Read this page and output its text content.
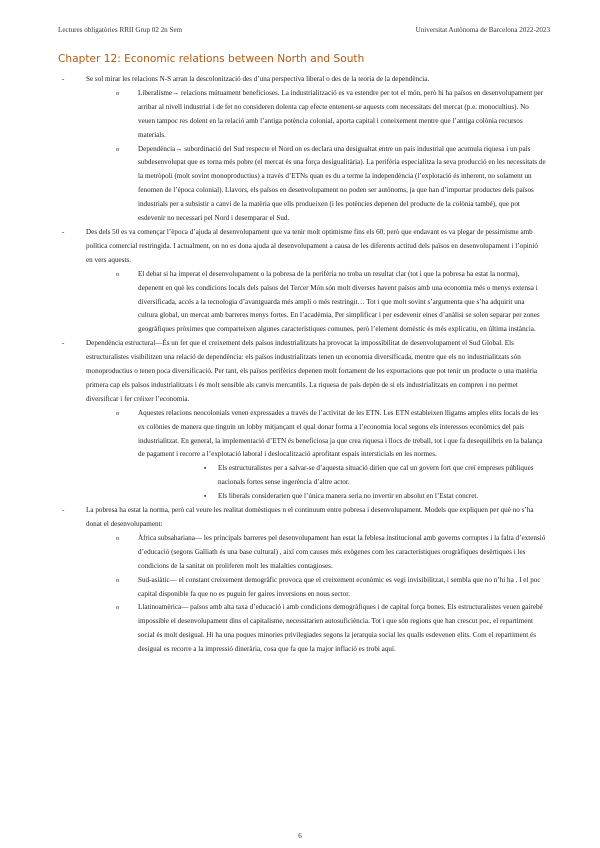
Lectures obligatòries RRII Grup 02 2n Sem	Universitat Autònoma de Barcelona 2022-2023
Chapter 12: Economic relations between North and South

- Se sol mirar les relacions N-S arran la descolonització des d’una perspectiva liberal o des de la teoria de la dependència.

o Liberalisme→ relacions mútuament beneficioses. La industrialització es va estendre per tot el món, però hi ha països en desenvolupament per arribar al nivell industrial i de fet no consideren dolenta cap efecte entenent-se aquests com necessitats del mercat (p.e. monocultius). No veuen tampoc res dolent en la relació amb l’antiga potència colonial, aporta capital i coneixement mentre que l’antiga colònia recursos materials.

o Dependència→ subordinació del Sud respecte el Nord on es declara una desigualtat entre un país industrial que acumula riquesa i un país subdesenvolupat que es torna més pobre (el mercat és una força desigualitària). La perifèria especialitza la seva producció en les necessitats de la metròpoli (molt sovint monoproductius) a través d’ETNs quan es du a terme la independència (l’explotació és inherent, no solament un fenomen de l’època colonial). Llavors, els països en desenvolupament no poden ser autònoms, ja que han d’importar productes dels països industrials per a subsistir a canvi de la matèria que ells produeixen (i les potències depenen del producte de la colònia també), que pot esdevenir no necessari pel Nord i desemparar el Sud.

- Des dels 50 es va començar l’època d’ajuda al desenvolupament que va tenir molt optimisme fins els 60, però que endavant es va plegar de pessimisme amb política comercial restringida. I actualment, on no es dona ajuda al desenvolupament a causa de les diferents actitud dels països en desenvolupament i l’opinió en vers aquests.

o El debat si ha imperat el desenvolupament o la pobresa de la perifèria no troba un resultat clar (tot i que la pobresa ha estat la norma), depenent en què les condicions locals dels països del Tercer Món són molt diverses havent països amb una economia més o menys extensa i diversificada, accés a la tecnologia d’avantguarda més ampli o més restringit… Tot i que molt sovint s’argumenta que s’ha adquirit una cultura global, un mercat amb barreres menys fortes. En l’acadèmia, Per simplificar i per esdevenir eines d’anàlisi se solen separar per zones geogràfiques pròximes que comparteixen algunes característiques comunes, però l’element domèstic és més explicatiu, en última instància.

- Dependència estructural—És un fet que el creixement dels països industrialitzats ha provocat la impossibilitat de desenvolupament el Sud Global. Els estructuralistes visibilitzen una relació de dependència: els països industrialitzats tenen un economia diversificada, mentre que els no industrialitzats són monoproductius o tenen poca diversificació. Per tant, els països perifèrics depenen molt fortament de les exportacions que pot tenir un producte o una matèria primera cap els països industrialitzats i és molt sensible als canvis mercantils. La riquesa de país depèn de si els industrialitzats en compren i no permet diversificar i fer créixer l’economia.

o Aquestes relacions neocolonials venen expressades a través de l’activitat de les ETN. Les ETN estableixen lligams amples elits locals de les ex colònies de manera que tinguin un lobby mitjançant el qual donar forma a l’economia local segons els interessos econòmics del país industrialitzat. En general, la implementació d’ETN és beneficiosa ja que crea riquesa i llocs de treball, tot i que fa desequilibris en la balança de pagament i recorre a l’explotació laboral i deslocalització aprofitant espais intersticials en les normes.

▪ Els estructuralistes per a salvar-se d’aquesta situació dirien que cal un govern fort que creï empreses públiques nacionals fortes sense ingerència d’altre actor.

▪ Els liberals considerarien que l’única manera seria no invertir en absolut en l’Estat concret.

- La pobresa ha estat la norma, però cal veure les realitat domèstiques n el continuum entre pobresa i desenvolupament. Models que expliquen per què no s’ha donat el desenvolupament:

o Àfrica subsahariana— les principals barreres pel desenvolupament han estat la feblesa institucional amb governs corruptes i la falta d’extensió d’educació (segons Galliath és una base cultural) , així com causes més exògenes com les característiques orogràfiques desèrtiques i les condicions de la sanitat on proliferen molt les malalties contagioses.

o Sud-asiàtic— el constant creixement demogràfic provoca que el creixement econòmic es vegi invisibilitzat, i sembla que no n’hi ha . I el poc capital disponible fa que no es puguin fer gaires inversions en nous sector.

o Llatinoamèrica— països amb alta taxa d’educació i amb condicions demogràfiques i de capital força bones. Els estructuralistes veuen gairebé impossible el desenvolupament dins el capitalisme, necessitarien autosuficiència. Tot i que són regions que han crescut poc, el repartiment social és molt desigual. Hi ha una poques minories privilegiades segons la jerarquia social les qualls esdevenen elits. Com el repartiment és desigual es recorre a la impressió dinerària, cosa que fa que la major inflació es trobi aquí.

6
